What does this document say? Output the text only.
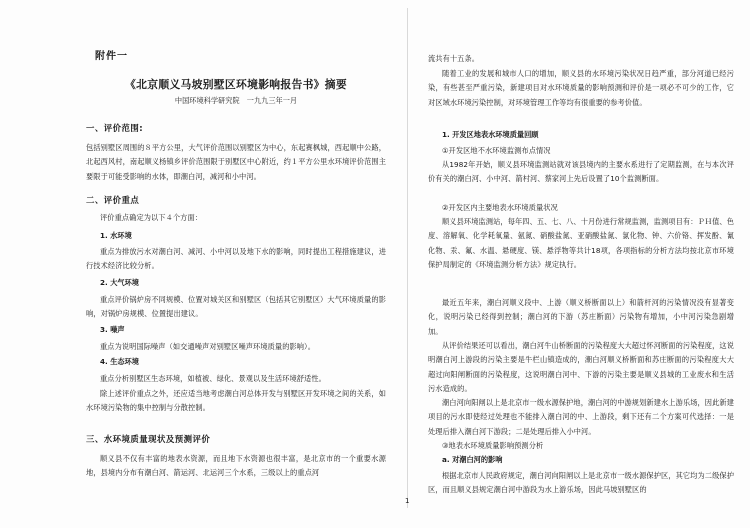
附件一
《北京顺义马坡别墅区环境影响报告书》摘要
中国环境科学研究院　一九九三年一月
一、评价范围:
包括别墅区周围的８平方公里，大气评价范围以别墅区为中心，东起赛枫城，西起顺中公路，北起西风村，南起顺义杨镇乡评价范围限于别墅区中心附近，约１平方公里水环境评价范围主要限于可能受影响的水体，即潮白河，减河和小中河。
二、评价重点
评价重点确定为以下４个方面：
1. 水环境
重点为排放污水对潮白河、减河、小中河以及地下水的影响，同时提出工程措施建议，进行技术经济比较分析。
2. 大气环境
重点评价锅炉房不同规模、位置对城关区和别墅区（包括其它别墅区）大气环境质量的影响，对锅炉房规模、位置提出建议。
3. 噪声
重点为说明国际噪声（如交通噪声对别墅区噪声环境质量的影响）。
4. 生态环境
重点分析别墅区生态环境，如植被、绿化、景观以及生活环境舒适性。
除上述评价重点之外，还应适当地考虑潮白河总体开发与别墅区开发环境之间的关系，如水环境污染物的集中控制与分散控制。
三、水环境质量现状及预测评价
顺义县不仅有丰富的地表水资源，而且地下水资源也很丰富，是北京市的一个重要水源地，县境内分布有潮白河、箭运河、北运河三个水系，三级以上的重点河
流共有十五条。
随着工业的发展和城市人口的增加，顺义县的水环境污染状况日趋严重，部分河道已经污染，有些甚至严重污染，新建项目对水环境质量的影响预测和评价是一项必不可少的工作，它对区域水环境污染控制，对环境管理工作等均有很重要的参考价值。
1. 开发区地表水环境质量回顾
①开发区地不水环境监测布点情况
从1982年开始，顺义县环境监测站就对该县境内的主要水系进行了定期监测，在与本次评价有关的潮白河、小中河、箭村河、蔡家河上先后设置了10个监测断面。
②开发区内主要地表水环境质量状况
顺义县环境监测站，每年四、五、七、八、十月份进行常规监测，监测项目有：ＰＨ值、色度、溶解氧、化学耗氧量、氨氮、硝酸盐氮、亚硝酸盐氮、氯化物、钟、六价铬、挥发酚、氰化物、汞、氟、水温、悬硬度、镁、悬浮物等共计18项，各项指标的分析方法均按北京市环境保护局制定的《环境监测分析方法》规定执行。
最近五年来，潮白河顺义段中、上游（顺义桥断面以上）和箭杆河的污染情况没有显著变化，说明污染已经得到控制；潮白河的下游（苏庄断面）污染物有增加，小中河污染急剧增加。
从评价结果还可以看出，潮白河牛山桥断面的污染程度大大超过怀河断面的污染程度，这说明潮白河上游段的污染主要是牛栏山镇造成的，潮白河顺义桥断面和苏庄断面的污染程度大大超过向阳闸断面的污染程度，这说明潮白河中、下游的污染主要是顺义县城的工业废水和生活污水造成的。
潮白河向阳闸以上是北京市一级水源保护地，潮白河的中游规划新建水上游乐场，因此新建项目的污水即使经过处理也不能排入潮白河的中、上游段，剩下还有二个方案可代选择：一是处理后排入潮白河下游段；二是处理后排入小中河。
③地表水环境质量影响预测分析
a. 对潮白河的影响
根据北京市人民政府规定，潮白河向阳闸以上是北京市一级水源保护区，其它均为二级保护区，而且顺义县规定潮白河中游段为水上游乐场，因此马坡别墅区的
1
